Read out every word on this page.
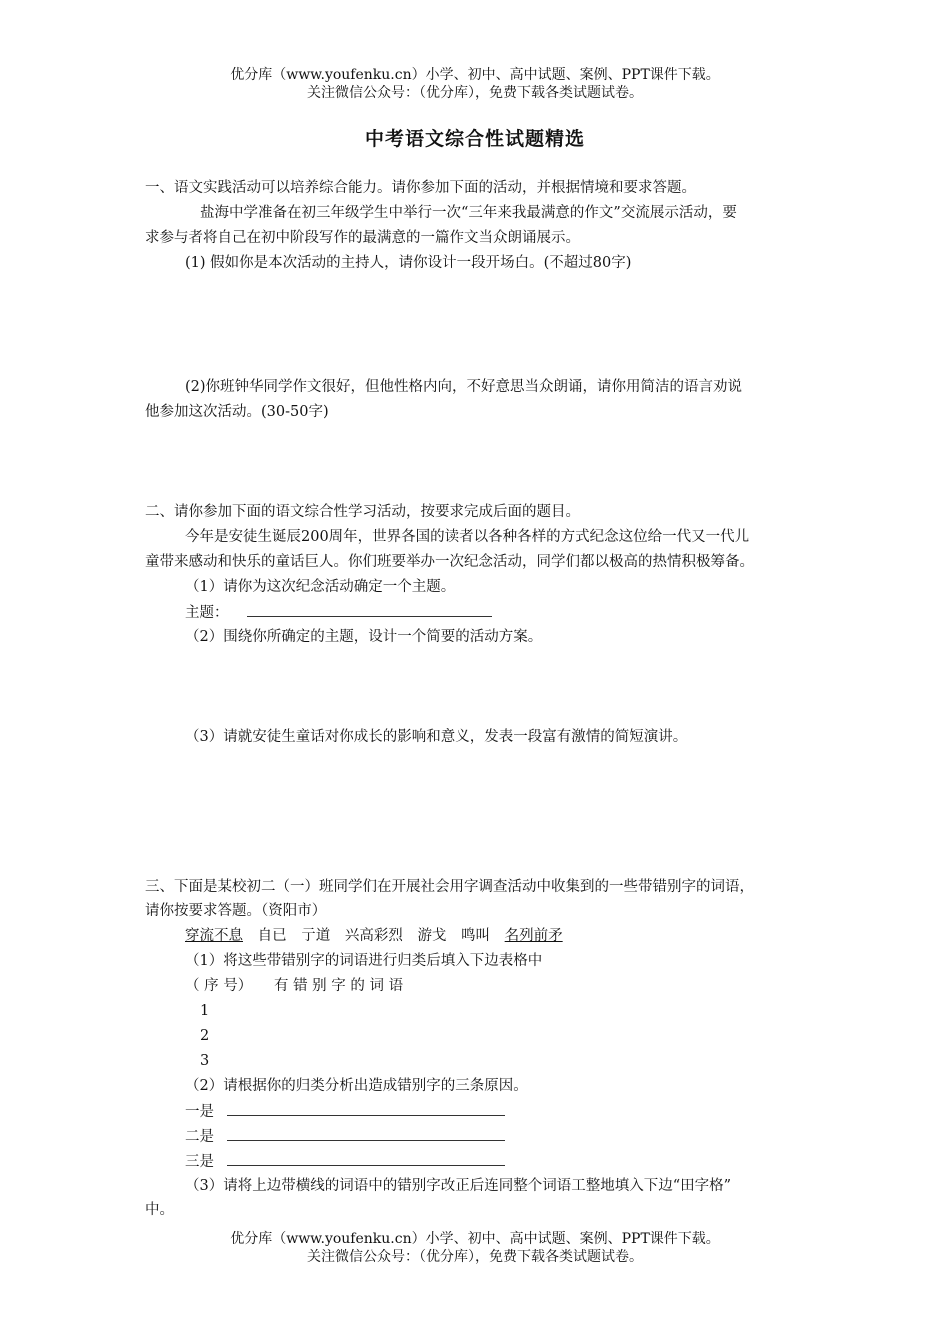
优分库（www.youfenku.cn）小学、初中、高中试题、案例、PPT课件下载。
关注微信公众号：（优分库），免费下载各类试题试卷。
中考语文综合性试题精选
一、语文实践活动可以培养综合能力。请你参加下面的活动，并根据情境和要求答题。
盐海中学准备在初三年级学生中举行一次“三年来我最满意的作文”交流展示活动，要
求参与者将自己在初中阶段写作的最满意的一篇作文当众朗诵展示。
(1) 假如你是本次活动的主持人，请你设计一段开场白。(不超过80字)
(2)你班钟华同学作文很好，但他性格内向，不好意思当众朗诵，请你用简洁的语言劝说
他参加这次活动。(30-50字)
二、请你参加下面的语文综合性学习活动，按要求完成后面的题目。
今年是安徒生诞辰200周年，世界各国的读者以各种各样的方式纪念这位给一代又一代儿
童带来感动和快乐的童话巨人。你们班要举办一次纪念活动，同学们都以极高的热情积极筹备。
（1）请你为这次纪念活动确定一个主题。
主题：
（2）围绕你所确定的主题，设计一个简要的活动方案。
（3）请就安徒生童话对你成长的影响和意义，发表一段富有激情的简短演讲。
三、下面是某校初二（一）班同学们在开展社会用字调查活动中收集到的一些带错别字的词语，
请你按要求答题。（资阳市）
穿流不息 自已 亍道 兴高彩烈 游戈 鸣叫 名列前矛
（1）将这些带错别字的词语进行归类后填入下边表格中
（ 序 号）　　有 错 别 字 的 词 语
1
2
3
（2）请根据你的归类分析出造成错别字的三条原因。
一是
二是
三是
（3）请将上边带横线的词语中的错别字改正后连同整个词语工整地填入下边“田字格”
中。
优分库（www.youfenku.cn）小学、初中、高中试题、案例、PPT课件下载。
关注微信公众号：（优分库），免费下载各类试题试卷。
